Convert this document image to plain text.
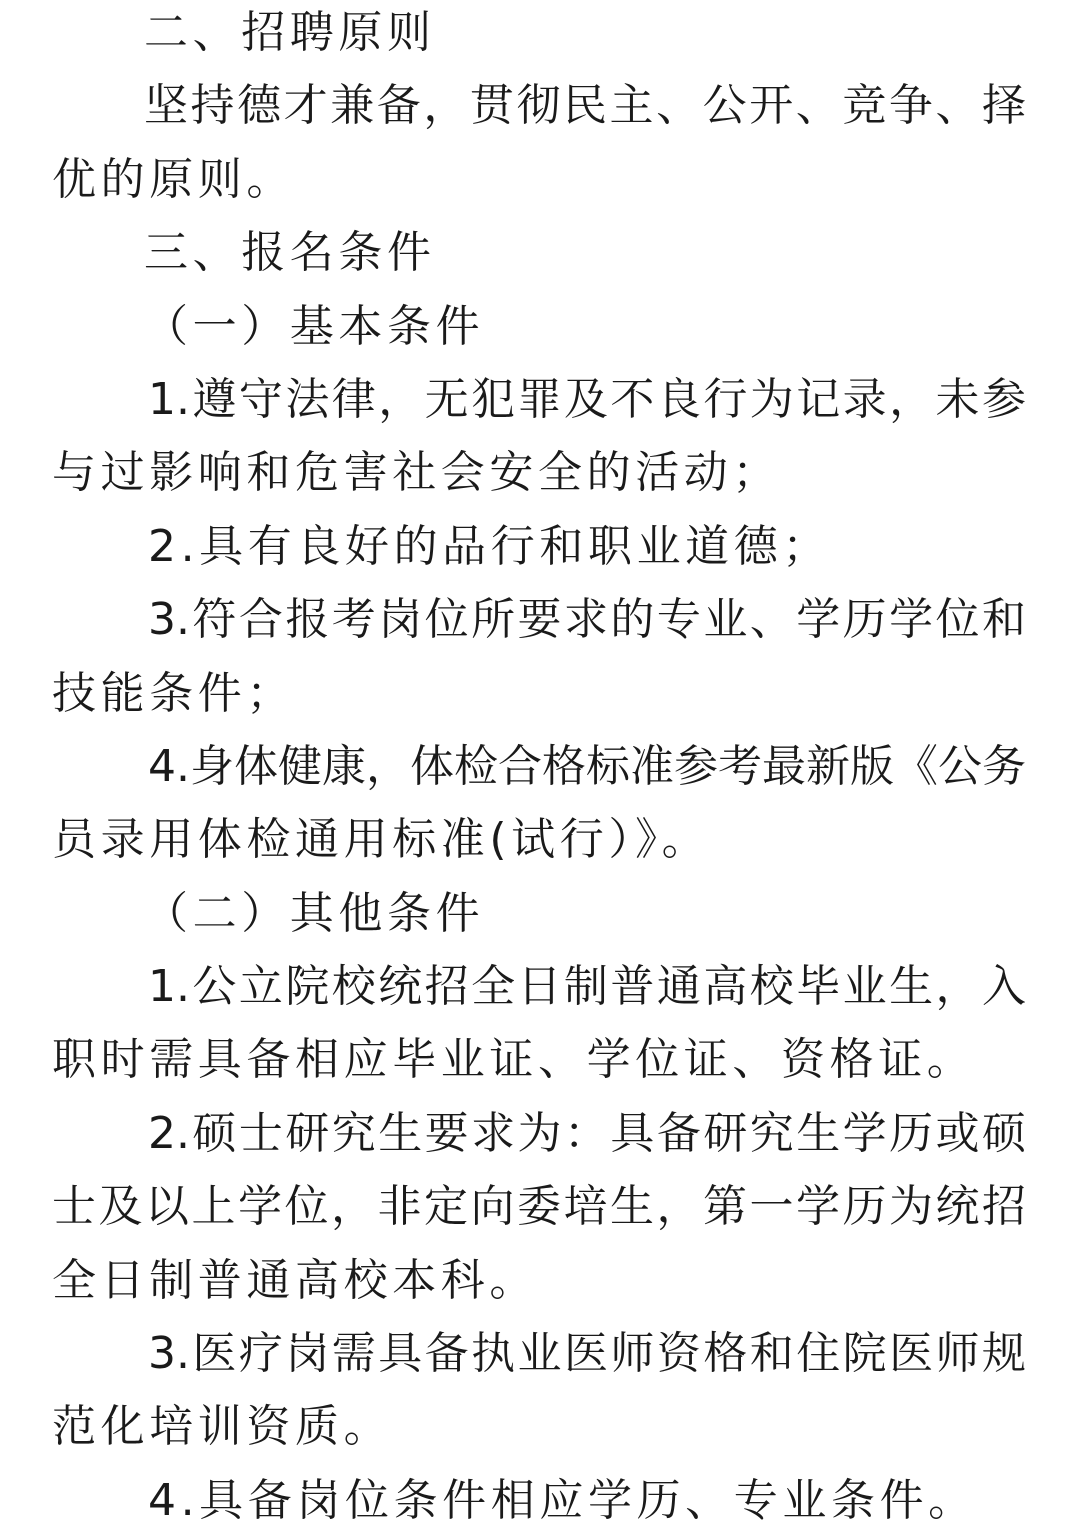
二、招聘原则
坚持德才兼备，贯彻民主、公开、竞争、择
优的原则。
三、报名条件
（一）基本条件
1.遵守法律，无犯罪及不良行为记录，未参
与过影响和危害社会安全的活动；
2.具有良好的品行和职业道德；
3.符合报考岗位所要求的专业、学历学位和
技能条件；
4.身体健康，体检合格标准参考最新版《公务
员录用体检通用标准(试行）》。
（二）其他条件
1.公立院校统招全日制普通高校毕业生，入
职时需具备相应毕业证、学位证、资格证。
2.硕士研究生要求为：具备研究生学历或硕
士及以上学位，非定向委培生，第一学历为统招
全日制普通高校本科。
3.医疗岗需具备执业医师资格和住院医师规
范化培训资质。
4.具备岗位条件相应学历、专业条件。
